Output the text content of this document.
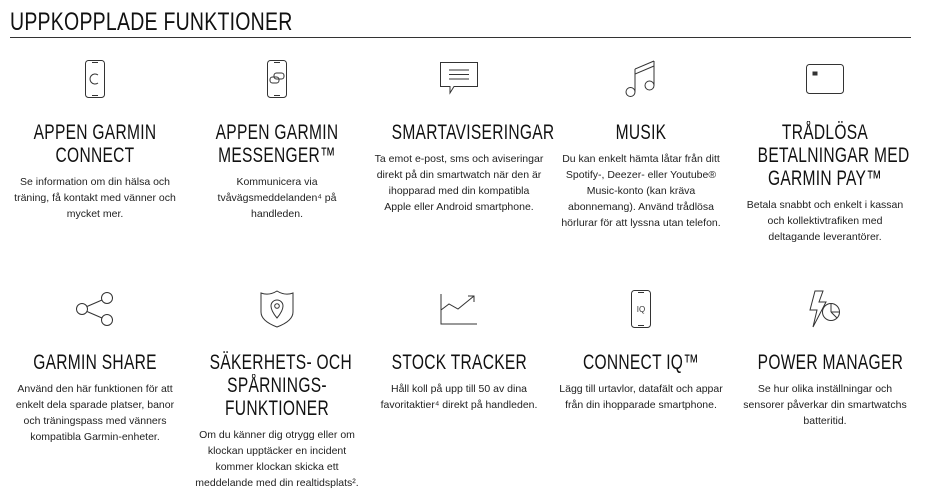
UPPKOPPLADE FUNKTIONER
APPEN GARMIN
CONNECT
Se information om din hälsa och
träning, få kontakt med vänner och
mycket mer.
APPEN GARMIN
MESSENGER™
Kommunicera via
tvåvägsmeddelanden⁴ på
handleden.
SMARTAVISERINGAR
Ta emot e-post, sms och aviseringar
direkt på din smartwatch när den är
ihopparad med din kompatibla
Apple eller Android smartphone.
MUSIK
Du kan enkelt hämta låtar från ditt
Spotify-, Deezer- eller Youtube®
Music-konto (kan kräva
abonnemang). Använd trådlösa
hörlurar för att lyssna utan telefon.
TRÅDLÖSA
BETALNINGAR MED
GARMIN PAY™
Betala snabbt och enkelt i kassan
och kollektivtrafiken med
deltagande leverantörer.
GARMIN SHARE
Använd den här funktionen för att
enkelt dela sparade platser, banor
och träningspass med vänners
kompatibla Garmin-enheter.
SÄKERHETS- OCH
SPÅRNINGS-
FUNKTIONER
Om du känner dig otrygg eller om
klockan upptäcker en incident
kommer klockan skicka ett
meddelande med din realtidsplats².
STOCK TRACKER
Håll koll på upp till 50 av dina
favoritaktier⁴ direkt på handleden.
IQ
CONNECT IQ™
Lägg till urtavlor, datafält och appar
från din ihopparade smartphone.
POWER MANAGER
Se hur olika inställningar och
sensorer påverkar din smartwatchs
batteritid.
